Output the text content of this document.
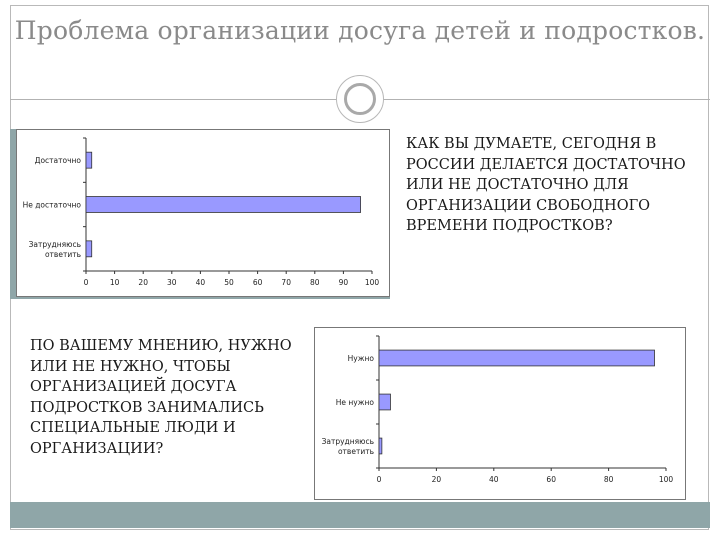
Проблема организации досуга детей и подростков.
0	10	20	30	40	50	60	70	80	90 100
Достаточно
Не достаточно
Затрудняюсь
ответить
КАК ВЫ ДУМАЕТЕ, СЕГОДНЯ В РОССИИ ДЕЛАЕТСЯ ДОСТАТОЧНО ИЛИ НЕ ДОСТАТОЧНО ДЛЯ ОРГАНИЗАЦИИ СВОБОДНОГО ВРЕМЕНИ ПОДРОСТКОВ?
0	20	40	60	80	100
Нужно
Не нужно
Затрудняюсь
ответить
ПО ВАШЕМУ МНЕНИЮ, НУЖНО ИЛИ НЕ НУЖНО, ЧТОБЫ ОРГАНИЗАЦИЕЙ ДОСУГА ПОДРОСТКОВ ЗАНИМАЛИСЬ СПЕЦИАЛЬНЫЕ ЛЮДИ И ОРГАНИЗАЦИИ?
